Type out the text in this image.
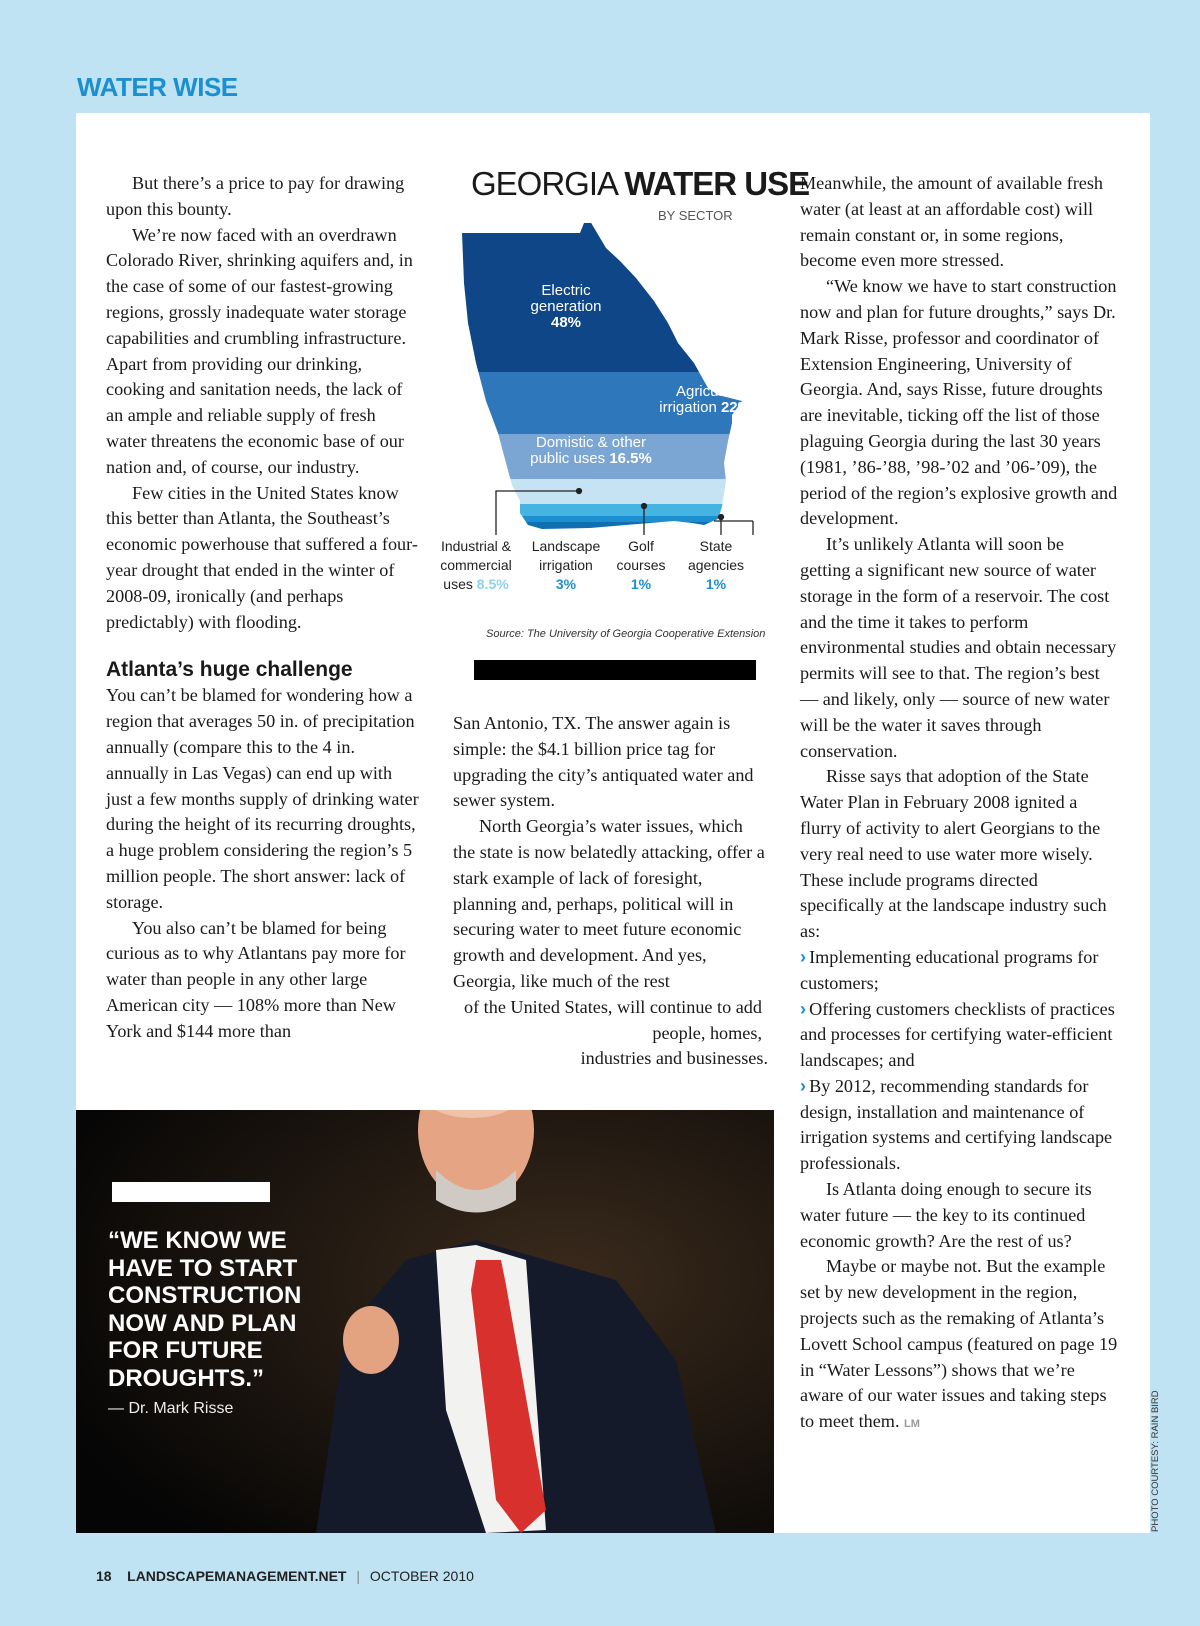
WATER WISE

But there’s a price to pay for drawing upon this bounty.

We’re now faced with an overdrawn Colorado River, shrinking aquifers and, in the case of some of our fastest-growing regions, grossly inadequate water storage capabilities and crumbling infrastructure. Apart from providing our drinking, cooking and sanitation needs, the lack of an ample and reliable supply of fresh water threatens the economic base of our nation and, of course, our industry.

Few cities in the United States know this better than Atlanta, the Southeast’s economic powerhouse that suffered a four-year drought that ended in the winter of 2008-09, ironically (and perhaps predictably) with flooding.

Atlanta’s huge challenge

You can’t be blamed for wondering how a region that averages 50 in. of precipitation annually (compare this to the 4 in. annually in Las Vegas) can end up with just a few months supply of drinking water during the height of its recurring droughts, a huge problem considering the region’s 5 million people. The short answer: lack of storage.

You also can’t be blamed for being curious as to why Atlantans pay more for water than people in any other large American city — 108% more than New York and $144 more than

GEORGIA WATER USE
BY SECTOR
Electric
generation
48%
Agricultural
irrigation 22%
Domistic & other
public uses 16.5%
Industrial &
commercial
uses 8.5%
Landscape
irrigation
3%
Golf
courses
1%
State
agencies
1%
Source: The University of Georgia Cooperative Extension

San Antonio, TX. The answer again is simple: the $4.1 billion price tag for upgrading the city’s antiquated water and sewer system.

North Georgia’s water issues, which the state is now belatedly attacking, offer a stark example of lack of foresight, planning and, perhaps, political will in securing water to meet future economic growth and development. And yes, Georgia, like much of the rest

of the United States, will continue to add people, homes,

industries and businesses.

Meanwhile, the amount of available fresh water (at least at an affordable cost) will remain constant or, in some regions, become even more stressed.

“We know we have to start construction now and plan for future droughts,” says Dr. Mark Risse, professor and coordinator of Extension Engineering, University of Georgia. And, says Risse, future droughts are inevitable, ticking off the list of those plaguing Georgia during the last 30 years (1981, ’86-’88, ’98-’02 and ’06-’09), the period of the region’s explosive growth and development.

It’s unlikely Atlanta will soon be getting a significant new source of water storage in the form of a reservoir. The cost and the time it takes to perform environmental studies and obtain necessary permits will see to that. The region’s best — and likely, only — source of new water will be the water it saves through conservation.

Risse says that adoption of the State Water Plan in February 2008 ignited a flurry of activity to alert Georgians to the very real need to use water more wisely. These include programs directed specifically at the landscape industry such as:

› Implementing educational programs for customers;

› Offering customers checklists of practices and processes for certifying water-efficient landscapes; and

› By 2012, recommending standards for design, installation and maintenance of irrigation systems and certifying landscape professionals.

Is Atlanta doing enough to secure its water future — the key to its continued economic growth? Are the rest of us?

Maybe or maybe not. But the example set by new development in the region, projects such as the remaking of Atlanta’s Lovett School campus (featured on page 19 in “Water Lessons”) shows that we’re aware of our water issues and taking steps to meet them. LM

“WE KNOW WE HAVE TO START CONSTRUCTION NOW AND PLAN FOR FUTURE DROUGHTS.”
— Dr. Mark Risse	PHOTO COURTESY: RAIN BIRD
18 LANDSCAPEMANAGEMENT.NET | OCTOBER 2010
